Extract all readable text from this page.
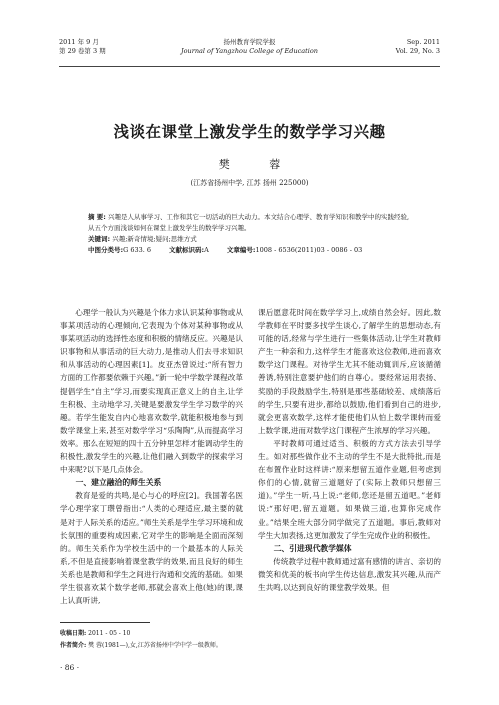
2011 年 9 月
第 29 卷第 3 期
扬州教育学院学报
Journal of Yangzhou College of Education
Sep. 2011
Vol. 29, No. 3
浅谈在课堂上激发学生的数学学习兴趣
樊 蓉
(江苏省扬州中学, 江苏 扬州 225000)
摘 要: 兴趣是人从事学习、工作和其它一切活动的巨大动力。本文结合心理学、教育学知识和教学中的实践经验,从五个方面浅谈如何在课堂上激发学生的数学学习兴趣。
关键词: 兴趣;新奇情境;疑问;思维方式
中图分类号:G 633. 6	文献标识码:A	文章编号:1008 - 6536(2011)03 - 0086 - 03

心理学一般认为兴趣是个体力求认识某种事物或从事某项活动的心理倾向,它表现为个体对某种事物或从事某项活动的选择性态度和积极的情绪反应。兴趣是认识事物和从事活动的巨大动力,是推动人们去寻求知识和从事活动的心理因素[1]。皮亚杰曾说过:“所有智力方面的工作都要依赖于兴趣。”新一轮中学数学课程改革提倡学生“自主”学习,而要实现真正意义上的自主,让学生积极、主动地学习,关键是要激发学生学习数学的兴趣。若学生能发自内心地喜欢数学,就能积极地参与到数学课堂上来,甚至对数学学习“乐陶陶”,从而提高学习效率。那么在短短的四十五分钟里怎样才能调动学生的积极性,激发学生的兴趣,让他们融入到数学的探索学习中来呢?以下是几点体会。

一、建立融洽的师生关系

教育是爱的共鸣,是心与心的呼应[2]。我国著名医学心理学家丁瓒曾指出:“人类的心理适应,最主要的就是对于人际关系的适应。”师生关系是学生学习环境和成长氛围的重要构成因素,它对学生的影响是全面而深刻的。师生关系作为学校生活中的一个最基本的人际关系,不但是直接影响着课堂教学的效果,而且良好的师生关系也是教师和学生之间进行沟通和交流的基础。如果学生很喜欢某个数学老师,那就会喜欢上他(她)的课,课上认真听讲,

课后愿意花时间在数学学习上,成绩自然会好。因此,数学教师在平时要多找学生谈心,了解学生的思想动态,有可能的话,经常与学生进行一些集体活动,让学生对教师产生一种亲和力,这样学生才能喜欢这位教师,进而喜欢数学这门课程。对待学生尤其不能动辄训斥,应该循循善诱,特别注意要护他们的自尊心。要经常运用表扬、奖励的手段鼓励学生,特别是那些基础较差、成绩落后的学生,只要有进步,都给以鼓励,他们看到自己的进步,就会更喜欢数学,这样才能使他们从怕上数学课转而爱上数学课,进而对数学这门课程产生浓厚的学习兴趣。

平时教师可通过适当、积极的方式方法去引导学生。如对那些做作业不主动的学生不是大批特批,而是在布置作业时这样讲:“原来想留五道作业题,但考虑到你们的心情,就留三道题好了(实际上教师只想留三道)。”学生一听,马上说:“老师,您还是留五道吧。”老师说:“那好吧,留五道题。如果做三道,也算你完成作业。”结果全班大部分同学做完了五道题。事后,教师对学生大加表扬,这更加激发了学生完成作业的积极性。

二、引进现代教学媒体

传统教学过程中教师通过富有感情的讲言、亲切的微笑和优美的板书向学生传达信息,激发其兴趣,从而产生共鸣,以达到良好的课堂教学效果。但

收稿日期: 2011 - 05 - 10
作者简介: 樊 蓉(1981—),女,江苏省扬州中学中学一级教师。
· 86 ·
